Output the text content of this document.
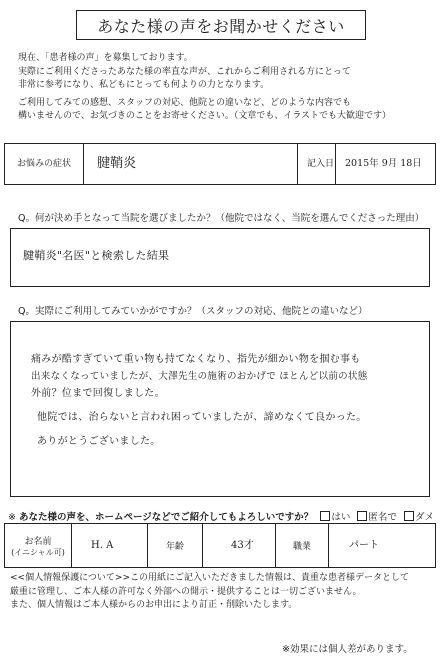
あなた様の声をお聞かせください

現在、「患者様の声」を募集しております。
実際にご利用くださったあなた様の率直な声が、これからご利用される方にとって
非常に参考になり、私どもにとっても何よりの力となります。

ご利用してみての感想、スタッフの対応、他院との違いなど、どのような内容でも
構いませんので、お気づきのことをお寄せください。（文章でも、イラストでも大歓迎です）

お悩みの症状 腱鞘炎	記入日 2015年 9月 18日
Q。何が決め手となって当院を選びましたか？（他院ではなく、当院を選んでくださった理由）
腱鞘炎"名医"と検索した結果
Q。実際にご利用してみていかがですか？（スタッフの対応、他院との違いなど）
痛みが酷すぎていて重い物も持てなくなり、指先が細かい物を掴む事も
出来なくなっていましたが、大澤先生の施術のおかげで ほとんど以前の状態
外前？位まで回復しました。
他院では、治らないと言われ困っていましたが、諦めなくて良かった。
ありがとうございました。
※ あなた様の声を、ホームページなどでご紹介してもよろしいですか？ はい 匿名で ダメ
お名前
(イニシャル可)
H. A	年齢	43才	職業	パート
<<個人情報保護について>>この用紙にご記入いただきました情報は、貴重な患者様データとして
厳重に管理し、ご本人様の許可なく外部への開示・提供することは一切ございません。
また、個人情報はご本人様からのお申出により訂正・削除いたします。
※効果には個人差があります。
